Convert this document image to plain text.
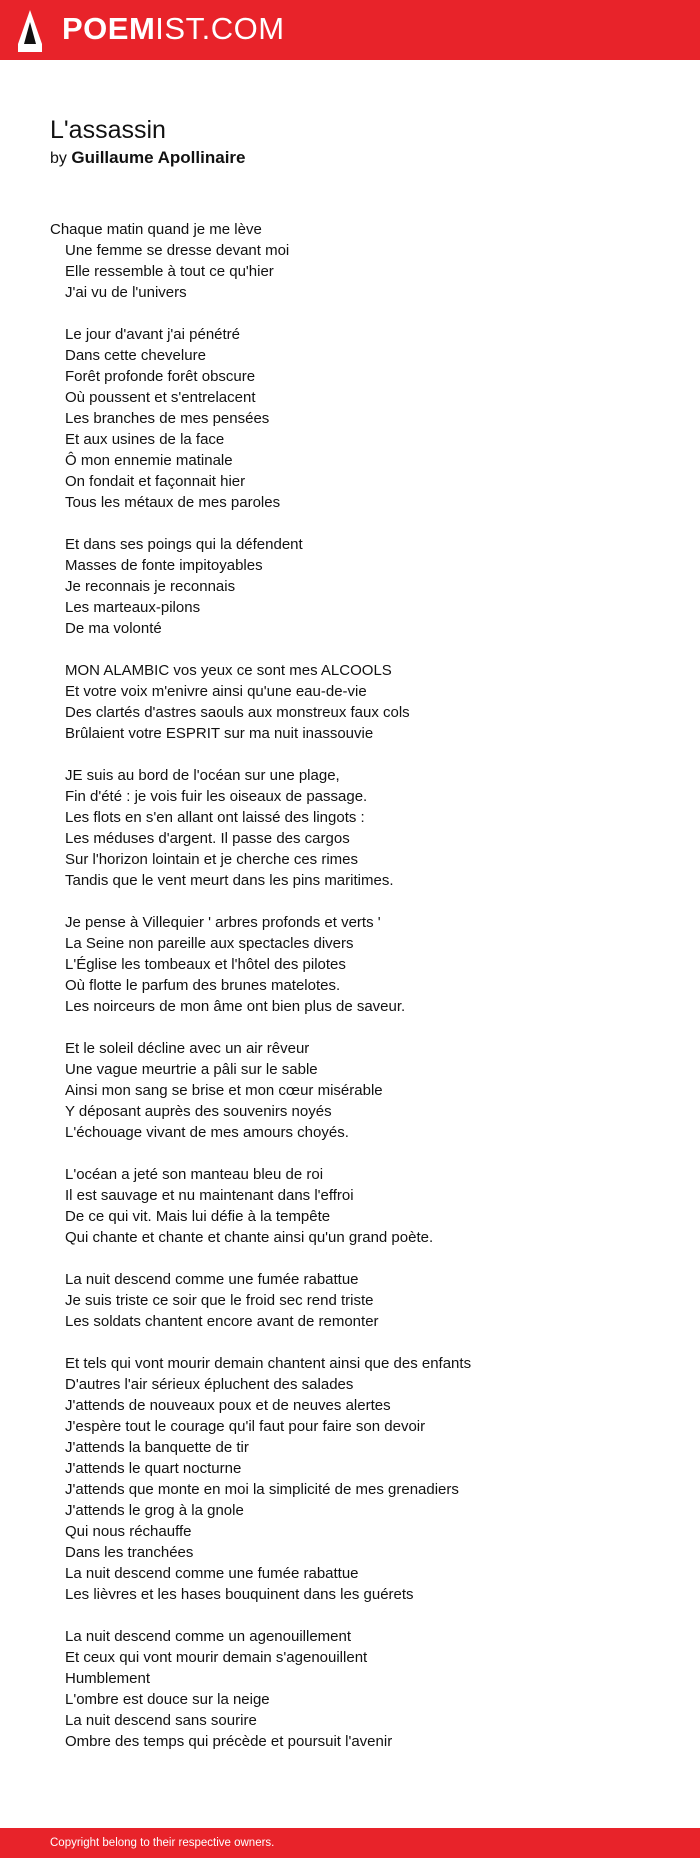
POEMIST.COM
L'assassin
by Guillaume Apollinaire
Chaque matin quand je me lève
Une femme se dresse devant moi
Elle ressemble à tout ce qu'hier
J'ai vu de l'univers
Le jour d'avant j'ai pénétré
Dans cette chevelure
Forêt profonde forêt obscure
Où poussent et s'entrelacent
Les branches de mes pensées
Et aux usines de la face
Ô mon ennemie matinale
On fondait et façonnait hier
Tous les métaux de mes paroles
Et dans ses poings qui la défendent
Masses de fonte impitoyables
Je reconnais je reconnais
Les marteaux-pilons
De ma volonté
MON ALAMBIC vos yeux ce sont mes ALCOOLS
Et votre voix m'enivre ainsi qu'une eau-de-vie
Des clartés d'astres saouls aux monstreux faux cols
Brûlaient votre ESPRIT sur ma nuit inassouvie
JE suis au bord de l'océan sur une plage,
Fin d'été : je vois fuir les oiseaux de passage.
Les flots en s'en allant ont laissé des lingots :
Les méduses d'argent. Il passe des cargos
Sur l'horizon lointain et je cherche ces rimes
Tandis que le vent meurt dans les pins maritimes.
Je pense à Villequier ' arbres profonds et verts '
La Seine non pareille aux spectacles divers
L'Église les tombeaux et l'hôtel des pilotes
Où flotte le parfum des brunes matelotes.
Les noirceurs de mon âme ont bien plus de saveur.
Et le soleil décline avec un air rêveur
Une vague meurtrie a pâli sur le sable
Ainsi mon sang se brise et mon cœur misérable
Y déposant auprès des souvenirs noyés
L'échouage vivant de mes amours choyés.
L'océan a jeté son manteau bleu de roi
Il est sauvage et nu maintenant dans l'effroi
De ce qui vit. Mais lui défie à la tempête
Qui chante et chante et chante ainsi qu'un grand poète.
La nuit descend comme une fumée rabattue
Je suis triste ce soir que le froid sec rend triste
Les soldats chantent encore avant de remonter
Et tels qui vont mourir demain chantent ainsi que des enfants
D'autres l'air sérieux épluchent des salades
J'attends de nouveaux poux et de neuves alertes
J'espère tout le courage qu'il faut pour faire son devoir
J'attends la banquette de tir
J'attends le quart nocturne
J'attends que monte en moi la simplicité de mes grenadiers
J'attends le grog à la gnole
Qui nous réchauffe
Dans les tranchées
La nuit descend comme une fumée rabattue
Les lièvres et les hases bouquinent dans les guérets
La nuit descend comme un agenouillement
Et ceux qui vont mourir demain s'agenouillent
Humblement
L'ombre est douce sur la neige
La nuit descend sans sourire
Ombre des temps qui précède et poursuit l'avenir
Copyright belong to their respective owners.
